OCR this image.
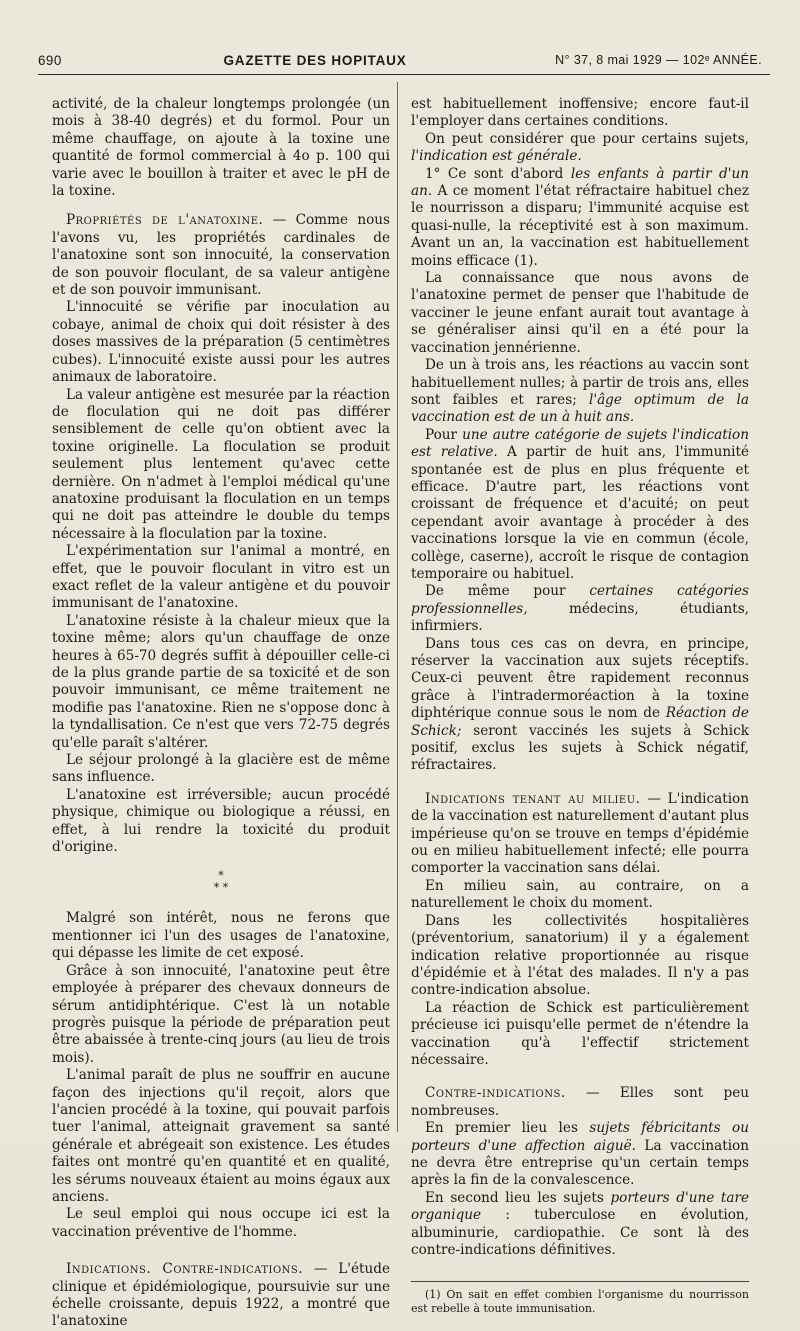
690	GAZETTE DES HOPITAUX	N° 37, 8 mai 1929 — 102ᵉ ANNÉE.

activité, de la chaleur longtemps prolongée (un mois à 38-40 degrés) et du formol. Pour un même chauffage, on ajoute à la toxine une quantité de formol commercial à 4o p. 100 qui varie avec le bouillon à traiter et avec le pH de la toxine.

Propriétés de l'anatoxine. — Comme nous l'avons vu, les propriétés cardinales de l'anatoxine sont son innocuité, la conservation de son pouvoir floculant, de sa valeur antigène et de son pouvoir immunisant.

L'innocuité se vérifie par inoculation au cobaye, animal de choix qui doit résister à des doses massives de la préparation (5 centimètres cubes). L'innocuité existe aussi pour les autres animaux de laboratoire.

La valeur antigène est mesurée par la réaction de floculation qui ne doit pas différer sensiblement de celle qu'on obtient avec la toxine originelle. La floculation se produit seulement plus lentement qu'avec cette dernière. On n'admet à l'emploi médical qu'une anatoxine produisant la floculation en un temps qui ne doit pas atteindre le double du temps nécessaire à la floculation par la toxine.

L'expérimentation sur l'animal a montré, en effet, que le pouvoir floculant in vitro est un exact reflet de la valeur antigène et du pouvoir immunisant de l'anatoxine.

L'anatoxine résiste à la chaleur mieux que la toxine même; alors qu'un chauffage de onze heures à 65-70 degrés suffit à dépouiller celle-ci de la plus grande partie de sa toxicité et de son pouvoir immunisant, ce même traitement ne modifie pas l'anatoxine. Rien ne s'oppose donc à la tyndallisation. Ce n'est que vers 72-75 degrés qu'elle paraît s'altérer.

Le séjour prolongé à la glacière est de même sans influence.

L'anatoxine est irréversible; aucun procédé physique, chimique ou biologique a réussi, en effet, à lui rendre la toxicité du produit d'origine.

*
* *

Malgré son intérêt, nous ne ferons que mentionner ici l'un des usages de l'anatoxine, qui dépasse les limite de cet exposé.

Grâce à son innocuité, l'anatoxine peut être employée à préparer des chevaux donneurs de sérum antidiphtérique. C'est là un notable progrès puisque la période de préparation peut être abaissée à trente-cinq jours (au lieu de trois mois).

L'animal paraît de plus ne souffrir en aucune façon des injections qu'il reçoit, alors que l'ancien procédé à la toxine, qui pouvait parfois tuer l'animal, atteignait gravement sa santé générale et abrégeait son existence. Les études faites ont montré qu'en quantité et en qualité, les sérums nouveaux étaient au moins égaux aux anciens.

Le seul emploi qui nous occupe ici est la vaccination préventive de l'homme.

Indications. Contre-indications. — L'étude clinique et épidémiologique, poursuivie sur une échelle croissante, depuis 1922, a montré que l'anatoxine

est habituellement inoffensive; encore faut-il l'employer dans certaines conditions.

On peut considérer que pour certains sujets, l'indication est générale.

1° Ce sont d'abord les enfants à partir d'un an. A ce moment l'état réfractaire habituel chez le nourrisson a disparu; l'immunité acquise est quasi-nulle, la réceptivité est à son maximum. Avant un an, la vaccination est habituellement moins efficace (1).

La connaissance que nous avons de l'anatoxine permet de penser que l'habitude de vacciner le jeune enfant aurait tout avantage à se généraliser ainsi qu'il en a été pour la vaccination jennérienne.

De un à trois ans, les réactions au vaccin sont habituellement nulles; à partir de trois ans, elles sont faibles et rares; l'âge optimum de la vaccination est de un à huit ans.

Pour une autre catégorie de sujets l'indication est relative. A partir de huit ans, l'immunité spontanée est de plus en plus fréquente et efficace. D'autre part, les réactions vont croissant de fréquence et d'acuité; on peut cependant avoir avantage à procéder à des vaccinations lorsque la vie en commun (école, collège, caserne), accroît le risque de contagion temporaire ou habituel.

De même pour certaines catégories professionnelles, médecins, étudiants, infirmiers.

Dans tous ces cas on devra, en principe, réserver la vaccination aux sujets réceptifs. Ceux-ci peuvent être rapidement reconnus grâce à l'intradermoréaction à la toxine diphtérique connue sous le nom de Réaction de Schick; seront vaccinés les sujets à Schick positif, exclus les sujets à Schick négatif, réfractaires.

Indications tenant au milieu. — L'indication de la vaccination est naturellement d'autant plus impérieuse qu'on se trouve en temps d'épidémie ou en milieu habituellement infecté; elle pourra comporter la vaccination sans délai.

En milieu sain, au contraire, on a naturellement le choix du moment.

Dans les collectivités hospitalières (préventorium, sanatorium) il y a également indication relative proportionnée au risque d'épidémie et à l'état des malades. Il n'y a pas contre-indication absolue.

La réaction de Schick est particulièrement précieuse ici puisqu'elle permet de n'étendre la vaccination qu'à l'effectif strictement nécessaire.

Contre-indications. — Elles sont peu nombreuses.

En premier lieu les sujets fébricitants ou porteurs d'une affection aiguë. La vaccination ne devra être entreprise qu'un certain temps après la fin de la convalescence.

En second lieu les sujets porteurs d'une tare organique : tuberculose en évolution, albuminurie, cardiopathie. Ce sont là des contre-indications définitives.

(1) On sait en effet combien l'organisme du nourrisson est rebelle à toute immunisation.
